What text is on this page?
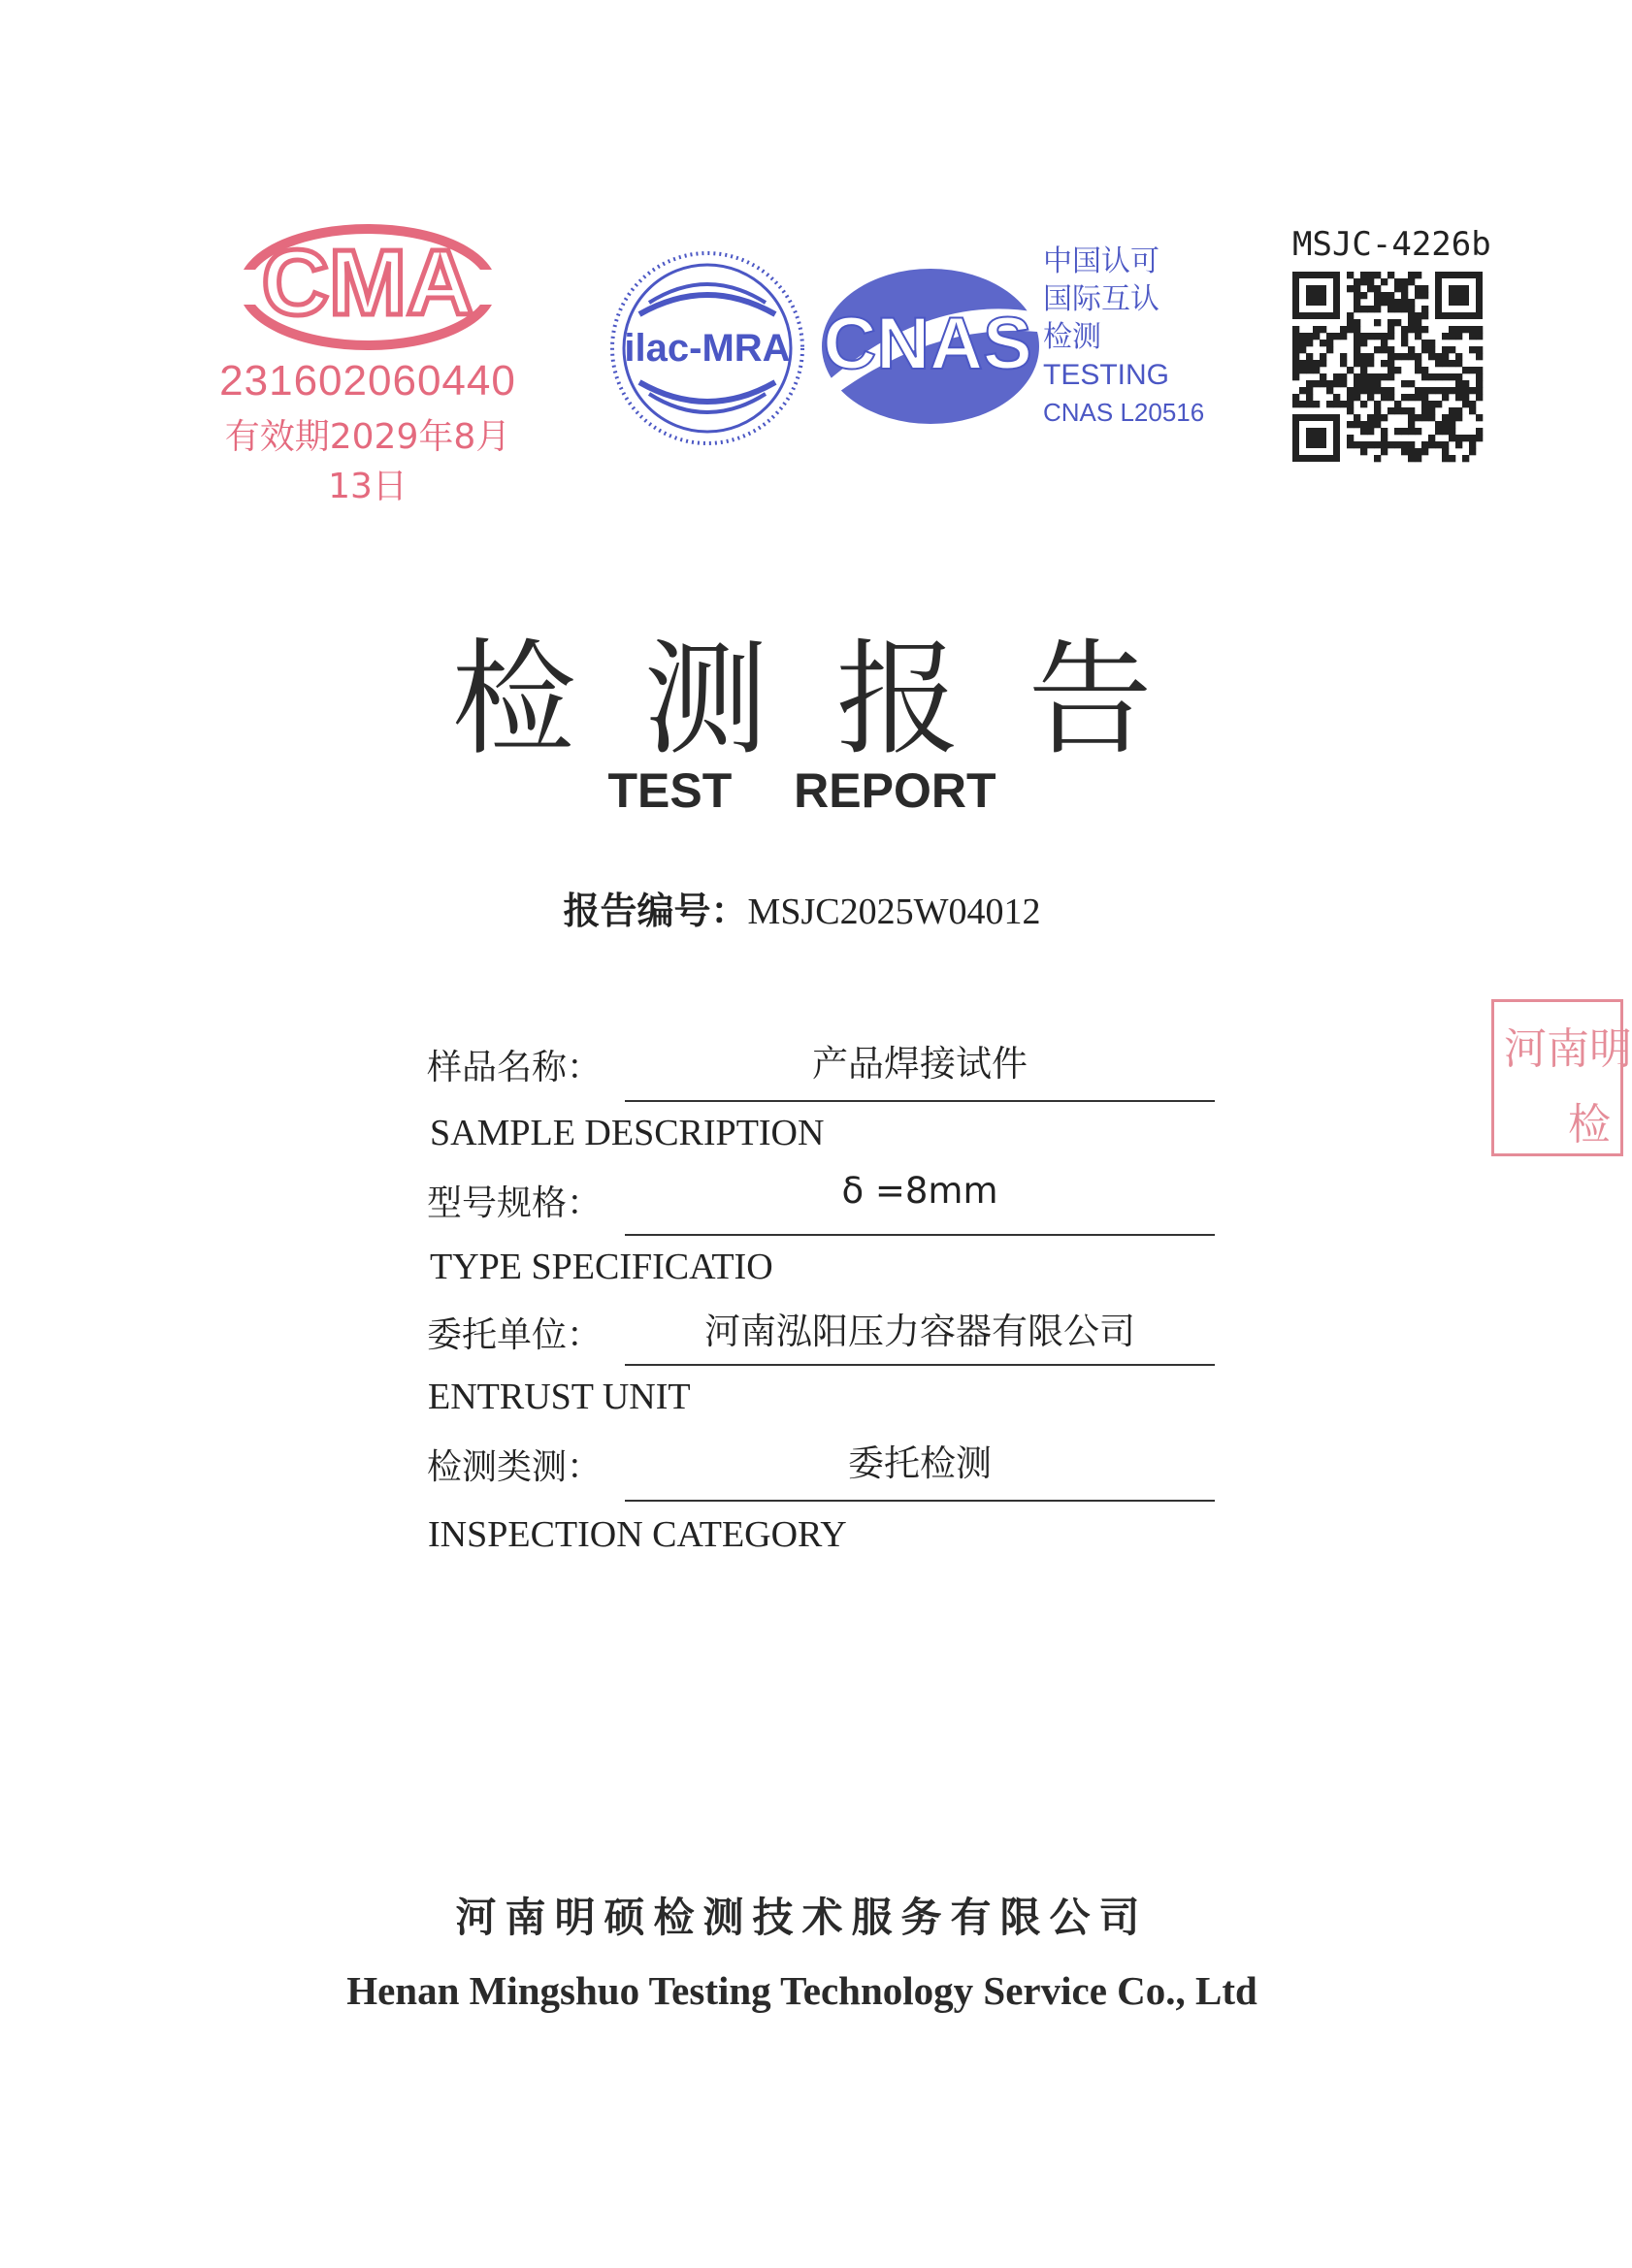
CMA
231602060440
有效期2029年8月13日
ilac-MRA CNAS
中国认可
国际互认
检测
TESTING
CNAS L20516
MSJC-4226b
检测报告
TEST REPORT
报告编号：MSJC2025W04012
样品名称：	产品焊接试件
SAMPLE DESCRIPTION
型号规格：	δ =8mm
TYPE SPECIFICATIO
委托单位：	河南泓阳压力容器有限公司
ENTRUST UNIT
检测类测：	委托检测
INSPECTION CATEGORY
河南明
检
河南明硕检测技术服务有限公司
Henan Mingshuo Testing Technology Service Co., Ltd
